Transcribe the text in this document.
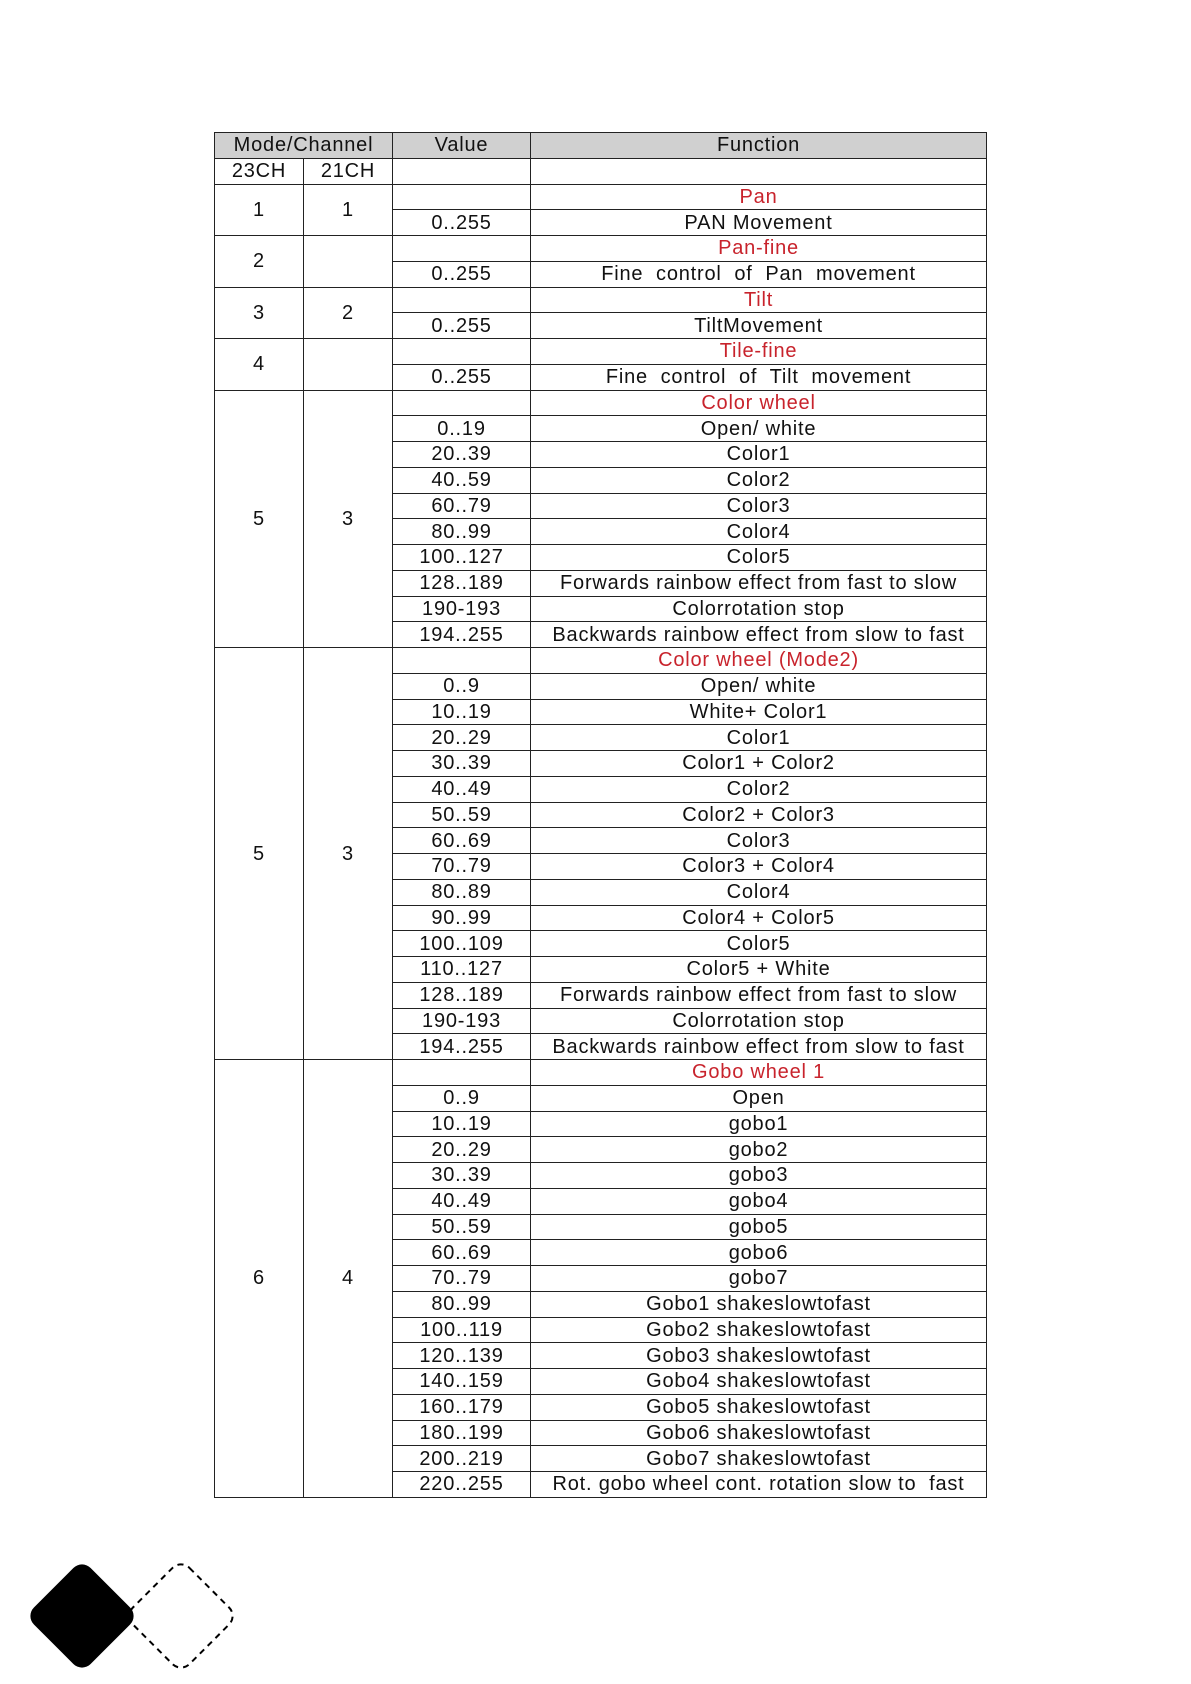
Mode/Channel		Value	Function
23CH	21CH		
1	1		Pan
		0..255	PAN Movement
2			Pan-fine
		0..255	Fine  control  of  Pan  movement
3	2		Tilt
		0..255	TiltMovement
4			Tile-fine
		0..255	Fine  control  of  Tilt  movement
5	3		Color wheel
		0..19	Open/ white
		20..39	Color1
		40..59	Color2
		60..79	Color3
		80..99	Color4
		100..127	Color5
		128..189	Forwards rainbow effect from fast to slow
		190-193	Colorrotation stop
		194..255	Backwards rainbow effect from slow to fast
5	3		Color wheel (Mode2)
		0..9	Open/ white
		10..19	White+ Color1
		20..29	Color1
		30..39	Color1 + Color2
		40..49	Color2
		50..59	Color2 + Color3
		60..69	Color3
		70..79	Color3 + Color4
		80..89	Color4
		90..99	Color4 + Color5
		100..109	Color5
		110..127	Color5 + White
		128..189	Forwards rainbow effect from fast to slow
		190-193	Colorrotation stop
		194..255	Backwards rainbow effect from slow to fast
6	4		Gobo wheel 1
		0..9	Open
		10..19	gobo1
		20..29	gobo2
		30..39	gobo3
		40..49	gobo4
		50..59	gobo5
		60..69	gobo6
		70..79	gobo7
		80..99	Gobo1 shakeslowtofast
		100..119	Gobo2 shakeslowtofast
		120..139	Gobo3 shakeslowtofast
		140..159	Gobo4 shakeslowtofast
		160..179	Gobo5 shakeslowtofast
		180..199	Gobo6 shakeslowtofast
		200..219	Gobo7 shakeslowtofast
		220..255	Rot. gobo wheel cont. rotation slow to  fast
